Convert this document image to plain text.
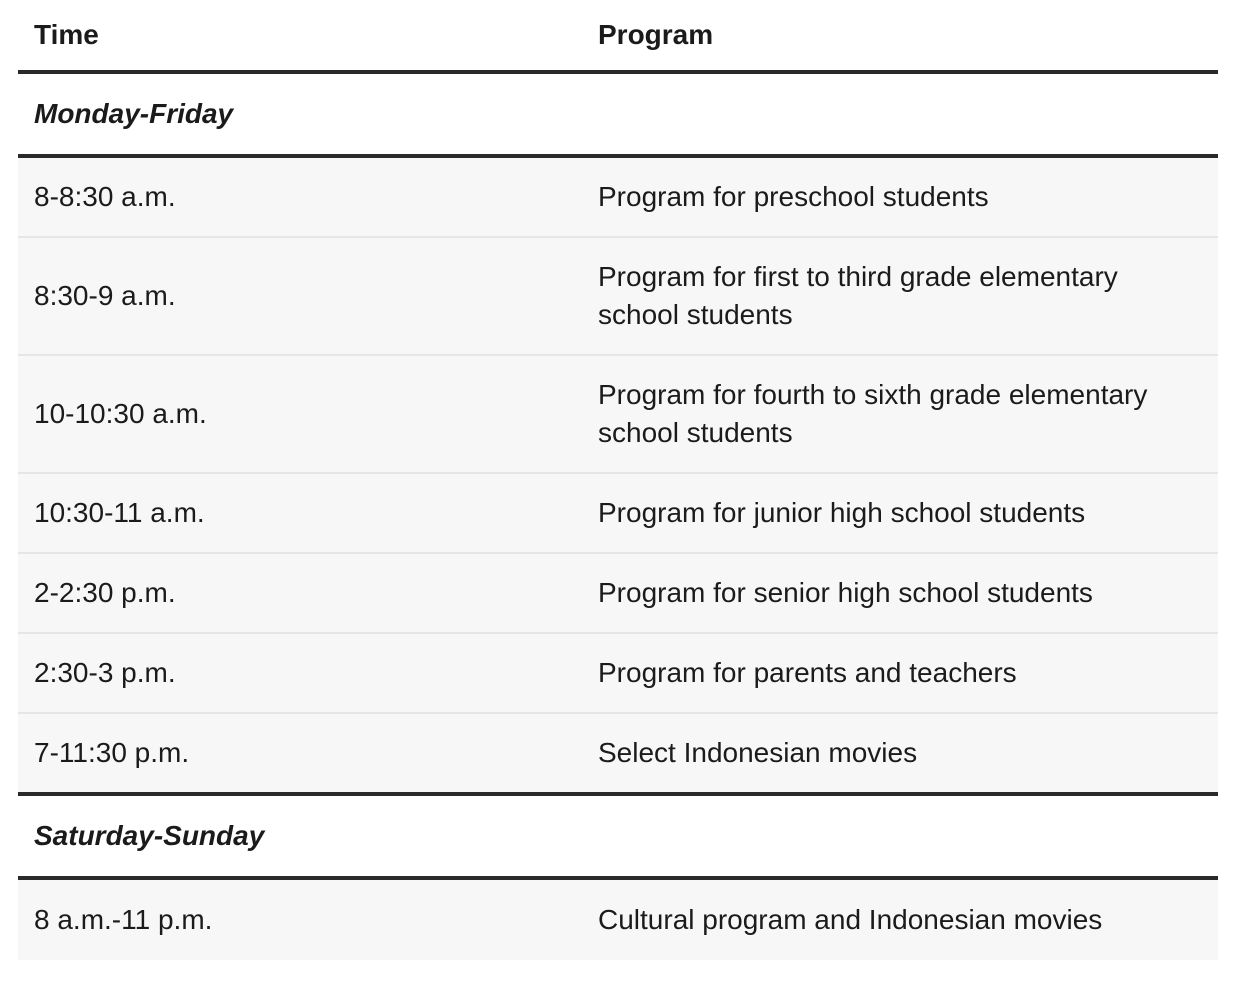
Time	Program
Monday-Friday	
8-8:30 a.m.	Program for preschool students
8:30-9 a.m.	Program for first to third grade elementary school students
10-10:30 a.m.	Program for fourth to sixth grade elementary school students
10:30-11 a.m.	Program for junior high school students
2-2:30 p.m.	Program for senior high school students
2:30-3 p.m.	Program for parents and teachers
7-11:30 p.m.	Select Indonesian movies
Saturday-Sunday	
8 a.m.-11 p.m.	Cultural program and Indonesian movies
